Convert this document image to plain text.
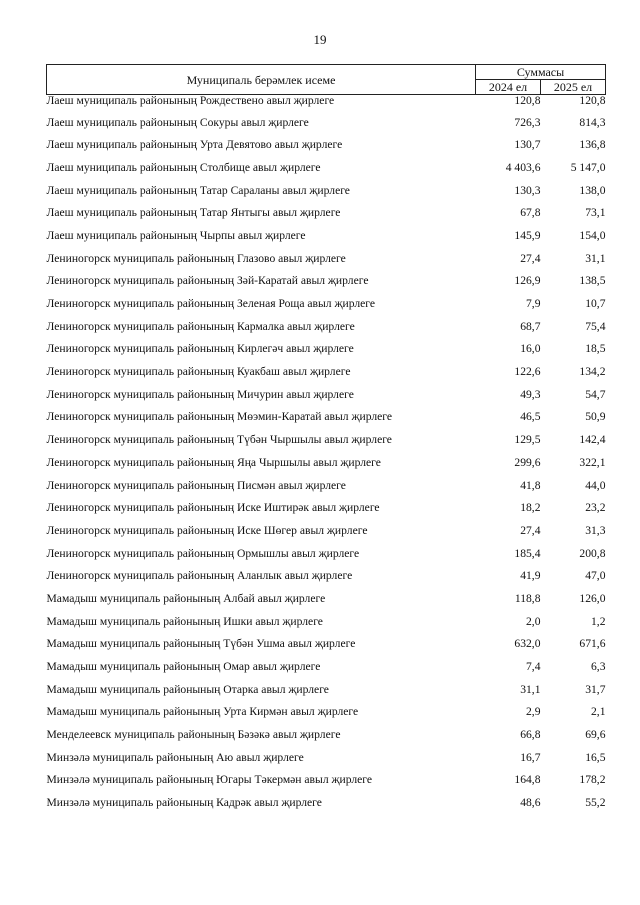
19
Муниципаль берәмлек исеме	Суммасы	
	2024 ел	2025 ел
Лаеш муниципаль районының Рождествено авыл җирлеге	120,8	120,8
Лаеш муниципаль районының Сокуры авыл җирлеге	726,3	814,3
Лаеш муниципаль районының Урта Девятово авыл җирлеге	130,7	136,8
Лаеш муниципаль районының Столбище авыл җирлеге	4 403,6	5 147,0
Лаеш муниципаль районының Татар Сараланы авыл җирлеге	130,3	138,0
Лаеш муниципаль районының Татар Янтыгы авыл җирлеге	67,8	73,1
Лаеш муниципаль районының Чырпы авыл җирлеге	145,9	154,0
Лениногорск муниципаль районының Глазово авыл җирлеге	27,4	31,1
Лениногорск муниципаль районының Зәй-Каратай авыл җирлеге	126,9	138,5
Лениногорск муниципаль районының Зеленая Роща авыл җирлеге	7,9	10,7
Лениногорск муниципаль районының Кармалка авыл җирлеге	68,7	75,4
Лениногорск муниципаль районының Кирлегәч авыл җирлеге	16,0	18,5
Лениногорск муниципаль районының Куакбаш авыл җирлеге	122,6	134,2
Лениногорск муниципаль районының Мичурин авыл җирлеге	49,3	54,7
Лениногорск муниципаль районының Мөэмин-Каратай авыл җирлеге	46,5	50,9
Лениногорск муниципаль районының Түбән Чыршылы авыл җирлеге	129,5	142,4
Лениногорск муниципаль районының Яңа Чыршылы авыл җирлеге	299,6	322,1
Лениногорск муниципаль районының Писмән авыл җирлеге	41,8	44,0
Лениногорск муниципаль районының Иске Иштирәк авыл җирлеге	18,2	23,2
Лениногорск муниципаль районының Иске Шөгер авыл җирлеге	27,4	31,3
Лениногорск муниципаль районының Ормышлы авыл җирлеге	185,4	200,8
Лениногорск муниципаль районының Аланлык авыл җирлеге	41,9	47,0
Мамадыш муниципаль районының Албай авыл җирлеге	118,8	126,0
Мамадыш муниципаль районының Ишки авыл җирлеге	2,0	1,2
Мамадыш муниципаль районының Түбән Ушма авыл җирлеге	632,0	671,6
Мамадыш муниципаль районының Омар авыл җирлеге	7,4	6,3
Мамадыш муниципаль районының Отарка авыл җирлеге	31,1	31,7
Мамадыш муниципаль районының Урта Кирмән авыл җирлеге	2,9	2,1
Менделеевск муниципаль районының Бәзәкә авыл җирлеге	66,8	69,6
Минзәлә муниципаль районының Аю авыл җирлеге	16,7	16,5
Минзәлә муниципаль районының Югары Тәкермән авыл җирлеге	164,8	178,2
Минзәлә муниципаль районының Кадрәк авыл җирлеге	48,6	55,2
